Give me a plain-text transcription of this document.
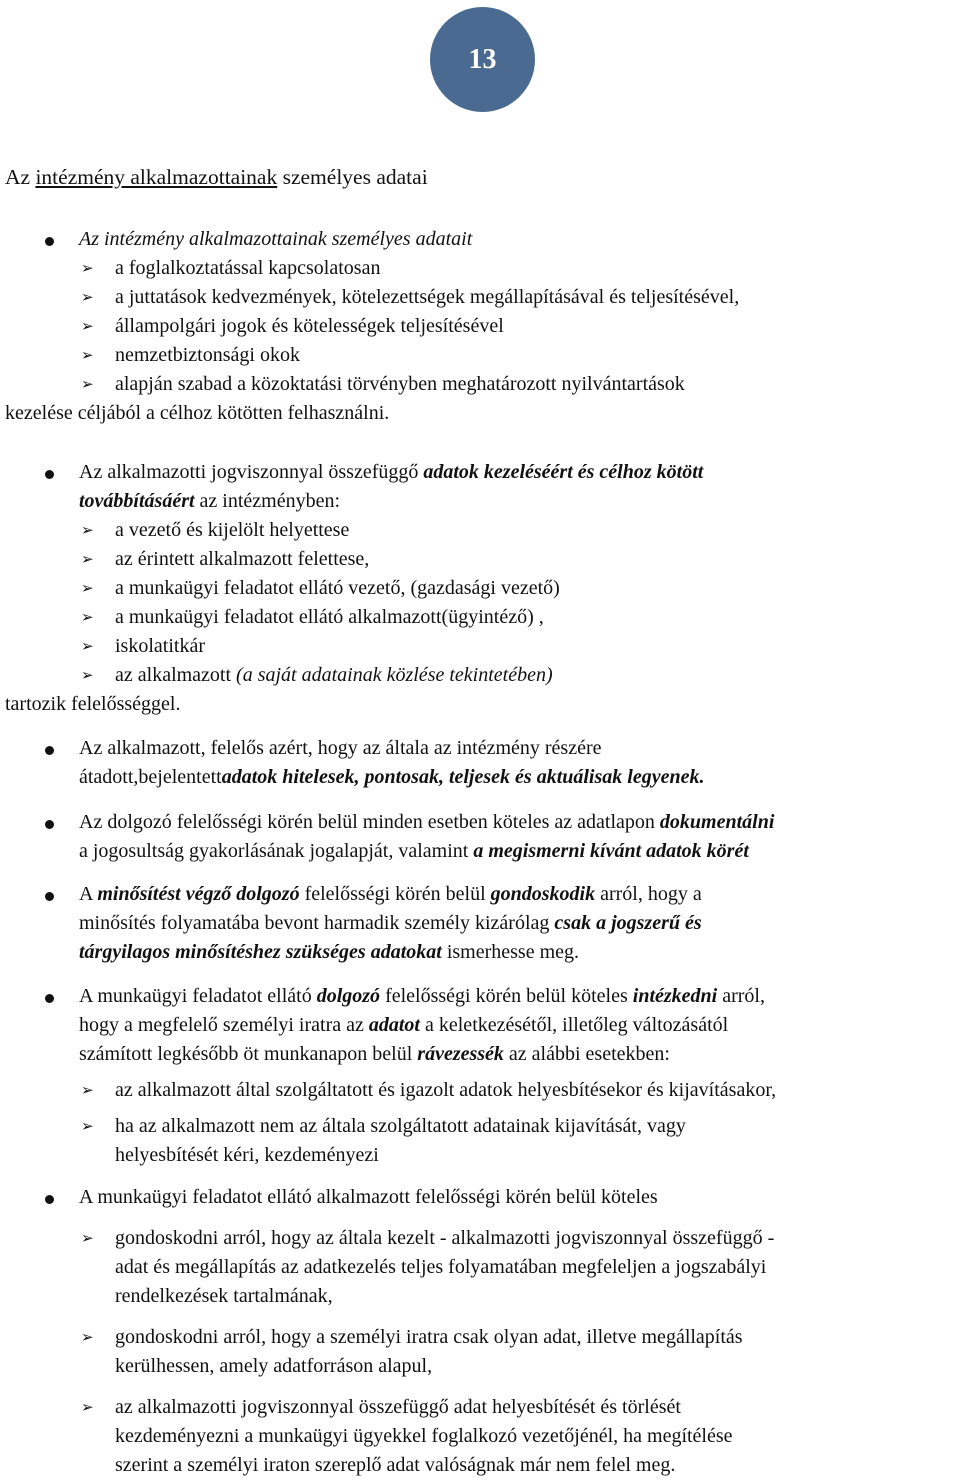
13
Az intézmény alkalmazottainak személyes adatai
Az intézmény alkalmazottainak személyes adatait
➢ a foglalkoztatással kapcsolatosan
➢ a juttatások kedvezmények, kötelezettségek megállapításával és teljesítésével,
➢ állampolgári jogok és kötelességek teljesítésével
➢ nemzetbiztonsági okok
➢ alapján szabad a közoktatási törvényben meghatározott nyilvántartások
kezelése céljából a célhoz kötötten felhasználni.
Az alkalmazotti jogviszonnyal összefüggő adatok kezeléséért és célhoz kötött
továbbításáért az intézményben:
➢ a vezető és kijelölt helyettese
➢ az érintett alkalmazott felettese,
➢ a munkaügyi feladatot ellátó vezető, (gazdasági vezető)
➢ a munkaügyi feladatot ellátó alkalmazott(ügyintéző) ,
➢ iskolatitkár
➢ az alkalmazott (a saját adatainak közlése tekintetében)
tartozik felelősséggel.
Az alkalmazott, felelős azért, hogy az általa az intézmény részére
átadott,bejelentettadatok hitelesek, pontosak, teljesek és aktuálisak legyenek.
Az dolgozó felelősségi körén belül minden esetben köteles az adatlapon dokumentálni
a jogosultság gyakorlásának jogalapját, valamint a megismerni kívánt adatok körét
A minősítést végző dolgozó felelősségi körén belül gondoskodik arról, hogy a
minősítés folyamatába bevont harmadik személy kizárólag csak a jogszerű és
tárgyilagos minősítéshez szükséges adatokat ismerhesse meg.
A munkaügyi feladatot ellátó dolgozó felelősségi körén belül köteles intézkedni arról,
hogy a megfelelő személyi iratra az adatot a keletkezésétől, illetőleg változásától
számított legkésőbb öt munkanapon belül rávezessék az alábbi esetekben:
➢ az alkalmazott által szolgáltatott és igazolt adatok helyesbítésekor és kijavításakor,
➢ ha az alkalmazott nem az általa szolgáltatott adatainak kijavítását, vagy
helyesbítését kéri, kezdeményezi
A munkaügyi feladatot ellátó alkalmazott felelősségi körén belül köteles
➢ gondoskodni arról, hogy az általa kezelt - alkalmazotti jogviszonnyal összefüggő -
adat és megállapítás az adatkezelés teljes folyamatában megfeleljen a jogszabályi
rendelkezések tartalmának,
➢ gondoskodni arról, hogy a személyi iratra csak olyan adat, illetve megállapítás
kerülhessen, amely adatforráson alapul,
➢ az alkalmazotti jogviszonnyal összefüggő adat helyesbítését és törlését
kezdeményezni a munkaügyi ügyekkel foglalkozó vezetőjénél, ha megítélése
szerint a személyi iraton szereplő adat valóságnak már nem felel meg.
